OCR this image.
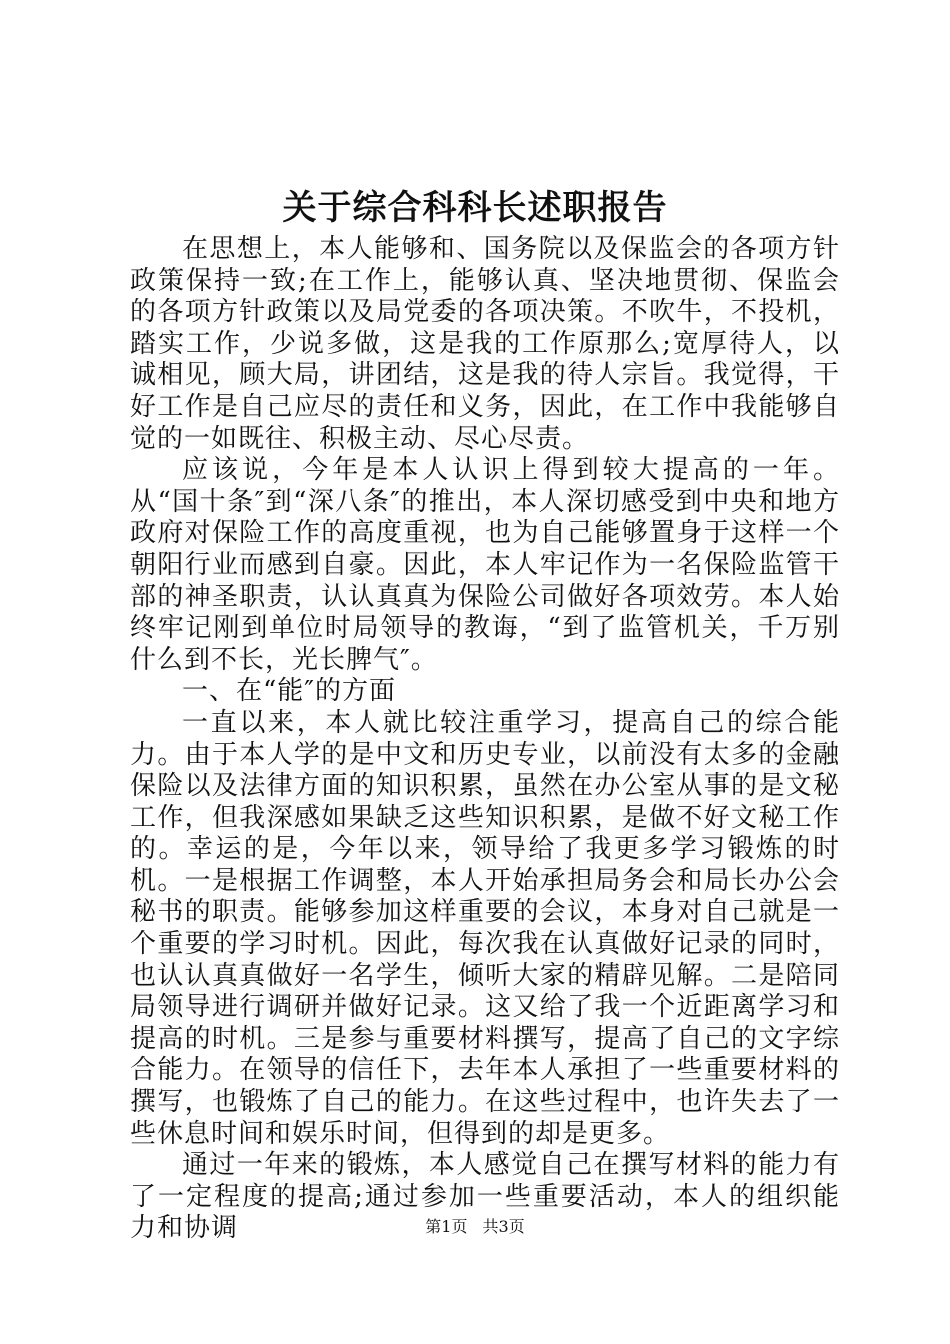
关于综合科科长述职报告

在思想上，本人能够和、国务院以及保监会的各项方针政策保持一致;在工作上，能够认真、坚决地贯彻、保监会的各项方针政策以及局党委的各项决策。不吹牛，不投机，踏实工作，少说多做，这是我的工作原那么;宽厚待人，以诚相见，顾大局，讲团结，这是我的待人宗旨。我觉得，干好工作是自己应尽的责任和义务，因此，在工作中我能够自觉的一如既往、积极主动、尽心尽责。

应该说，今年是本人认识上得到较大提高的一年。从“国十条″到“深八条″的推出，本人深切感受到中央和地方政府对保险工作的高度重视，也为自己能够置身于这样一个朝阳行业而感到自豪。因此，本人牢记作为一名保险监管干部的神圣职责，认认真真为保险公司做好各项效劳。本人始终牢记刚到单位时局领导的教诲，“到了监管机关，千万别什么到不长，光长脾气″。

一、在“能″的方面

一直以来，本人就比较注重学习，提高自己的综合能力。由于本人学的是中文和历史专业，以前没有太多的金融保险以及法律方面的知识积累，虽然在办公室从事的是文秘工作，但我深感如果缺乏这些知识积累，是做不好文秘工作的。幸运的是，今年以来，领导给了我更多学习锻炼的时机。一是根据工作调整，本人开始承担局务会和局长办公会秘书的职责。能够参加这样重要的会议，本身对自己就是一个重要的学习时机。因此，每次我在认真做好记录的同时，也认认真真做好一名学生，倾听大家的精辟见解。二是陪同局领导进行调研并做好记录。这又给了我一个近距离学习和提高的时机。三是参与重要材料撰写，提高了自己的文字综合能力。在领导的信任下，去年本人承担了一些重要材料的撰写，也锻炼了自己的能力。在这些过程中，也许失去了一些休息时间和娱乐时间，但得到的却是更多。

通过一年来的锻炼，本人感觉自己在撰写材料的能力有了一定程度的提高;通过参加一些重要活动，本人的组织能力和协调	第1页 共3页
